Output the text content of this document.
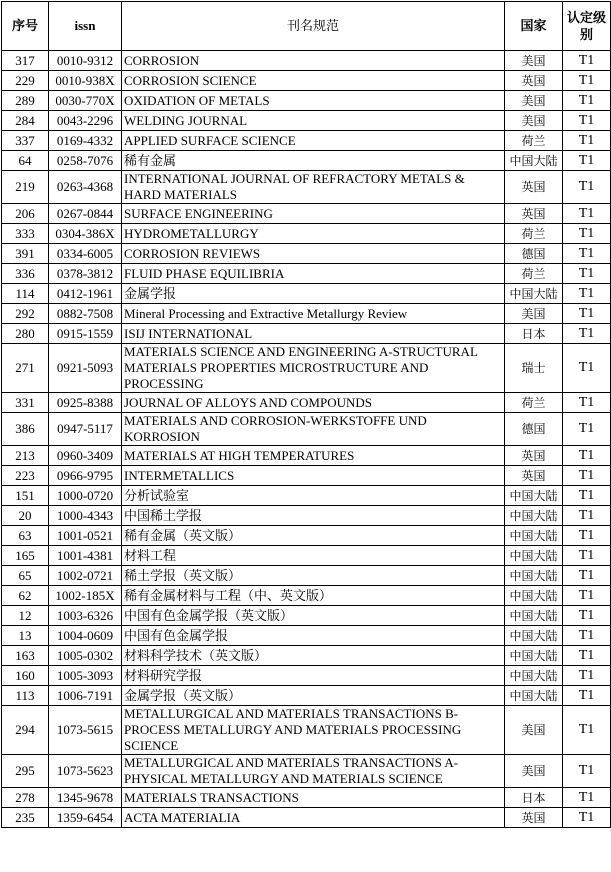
序号	issn	刊名规范	国家	认定级别
317	0010-9312	CORROSION	美国	T1
229	0010-938X	CORROSION SCIENCE	英国	T1
289	0030-770X	OXIDATION OF METALS	美国	T1
284	0043-2296	WELDING JOURNAL	美国	T1
337	0169-4332	APPLIED SURFACE SCIENCE	荷兰	T1
64	0258-7076	稀有金属	中国大陆	T1
219	0263-4368	INTERNATIONAL JOURNAL OF REFRACTORY METALS & HARD MATERIALS	英国	T1
206	0267-0844	SURFACE ENGINEERING	英国	T1
333	0304-386X	HYDROMETALLURGY	荷兰	T1
391	0334-6005	CORROSION REVIEWS	德国	T1
336	0378-3812	FLUID PHASE EQUILIBRIA	荷兰	T1
114	0412-1961	金属学报	中国大陆	T1
292	0882-7508	Mineral Processing and Extractive Metallurgy Review	美国	T1
280	0915-1559	ISIJ INTERNATIONAL	日本	T1
271	0921-5093	MATERIALS SCIENCE AND ENGINEERING A-STRUCTURAL MATERIALS PROPERTIES MICROSTRUCTURE AND PROCESSING	瑞士	T1
331	0925-8388	JOURNAL OF ALLOYS AND COMPOUNDS	荷兰	T1
386	0947-5117	MATERIALS AND CORROSION-WERKSTOFFE UND KORROSION	德国	T1
213	0960-3409	MATERIALS AT HIGH TEMPERATURES	英国	T1
223	0966-9795	INTERMETALLICS	英国	T1
151	1000-0720	分析试验室	中国大陆	T1
20	1000-4343	中国稀土学报	中国大陆	T1
63	1001-0521	稀有金属（英文版）	中国大陆	T1
165	1001-4381	材料工程	中国大陆	T1
65	1002-0721	稀土学报（英文版）	中国大陆	T1
62	1002-185X	稀有金属材料与工程（中、英文版）	中国大陆	T1
12	1003-6326	中国有色金属学报（英文版）	中国大陆	T1
13	1004-0609	中国有色金属学报	中国大陆	T1
163	1005-0302	材料科学技术（英文版）	中国大陆	T1
160	1005-3093	材料研究学报	中国大陆	T1
113	1006-7191	金属学报（英文版）	中国大陆	T1
294	1073-5615	METALLURGICAL AND MATERIALS TRANSACTIONS B-PROCESS METALLURGY AND MATERIALS PROCESSING SCIENCE	美国	T1
295	1073-5623	METALLURGICAL AND MATERIALS TRANSACTIONS A-PHYSICAL METALLURGY AND MATERIALS SCIENCE	美国	T1
278	1345-9678	MATERIALS TRANSACTIONS	日本	T1
235	1359-6454	ACTA MATERIALIA	英国	T1
